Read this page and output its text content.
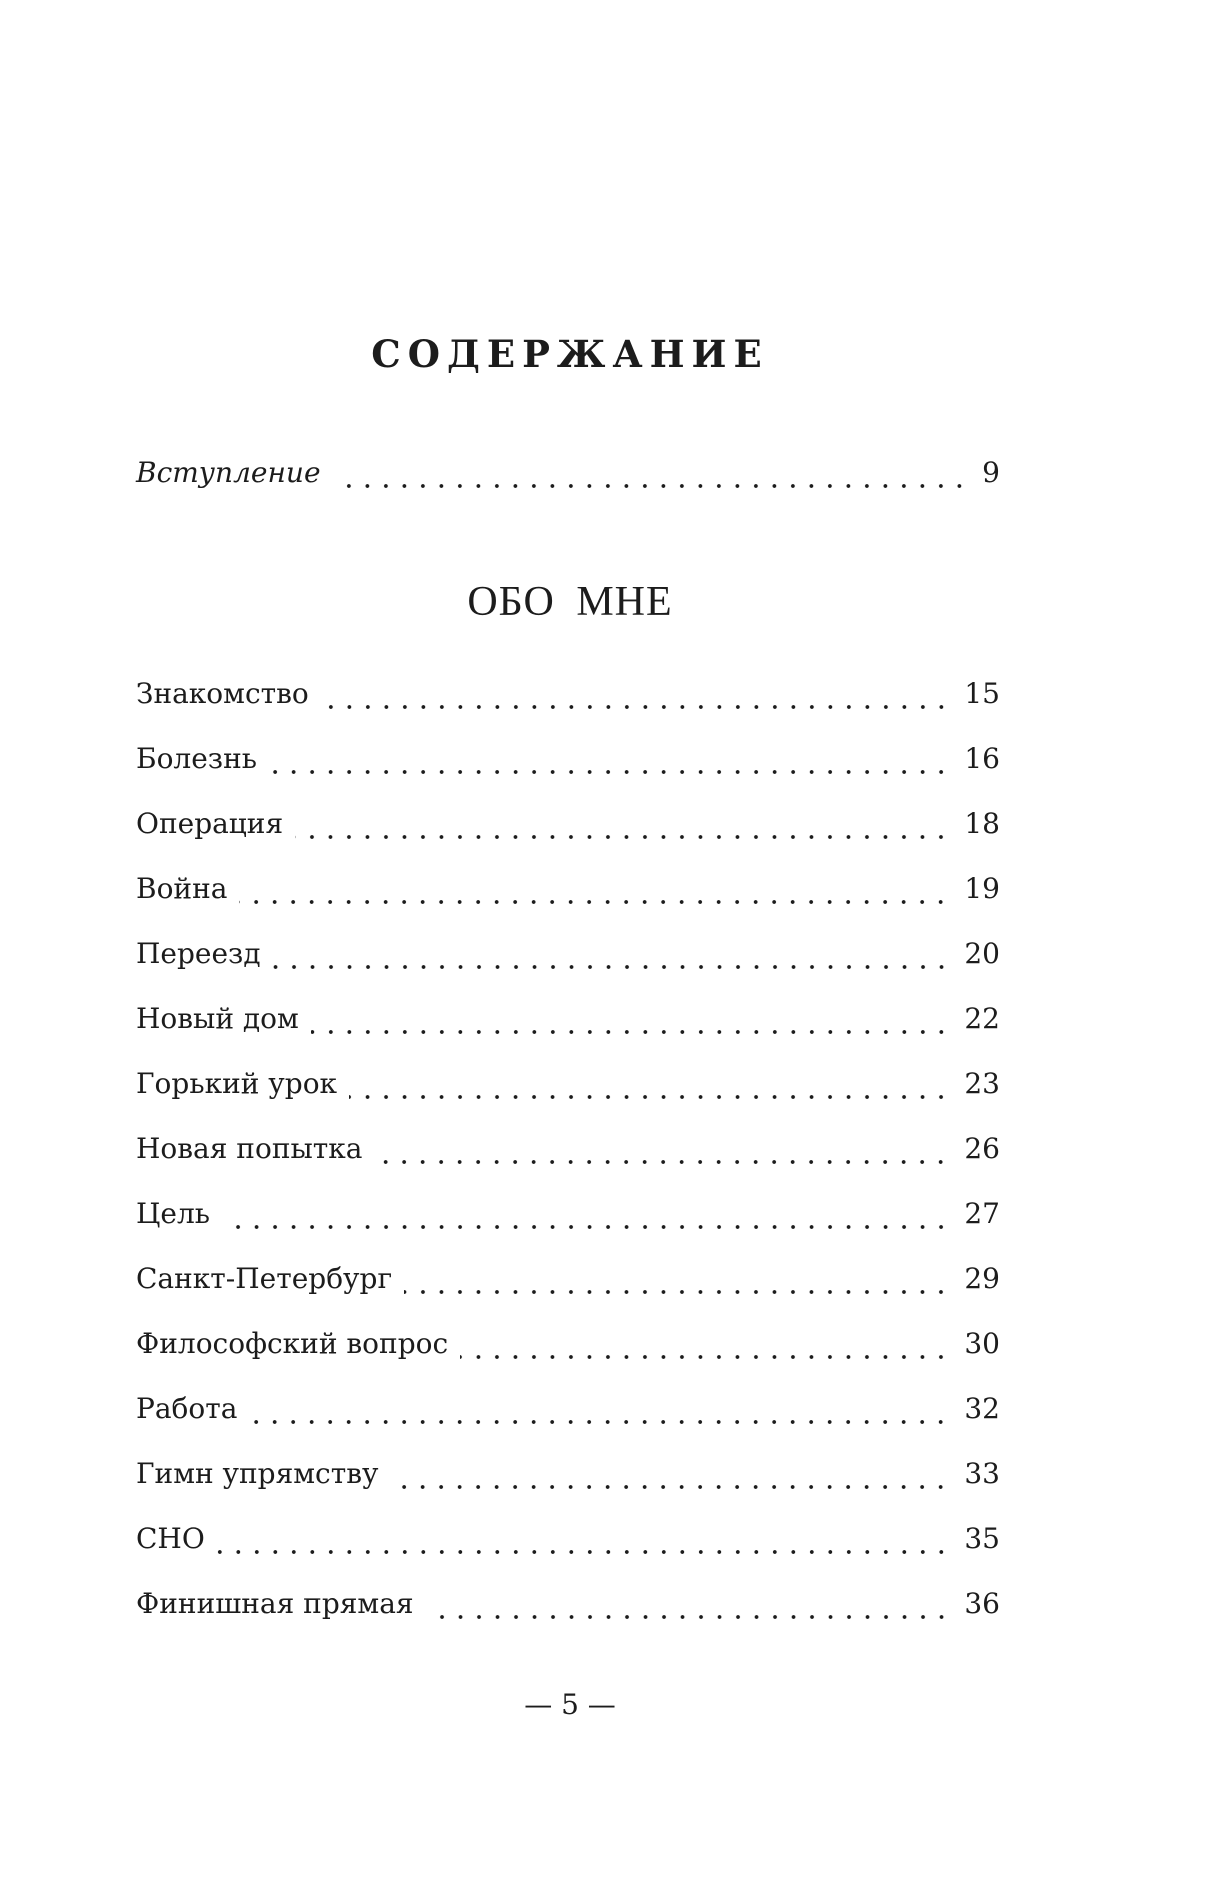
СОДЕРЖАНИЕ
Вступление	9
ОБО МНЕ
Знакомство	15
Болезнь	16
Операция	18
Война	19
Переезд	20
Новый дом	22
Горький урок	23
Новая попытка	26
Цель	27
Санкт-Петербург	29
Философский вопрос	30
Работа	32
Гимн упрямству	33
СНО	35
Финишная прямая	36
— 5 —
